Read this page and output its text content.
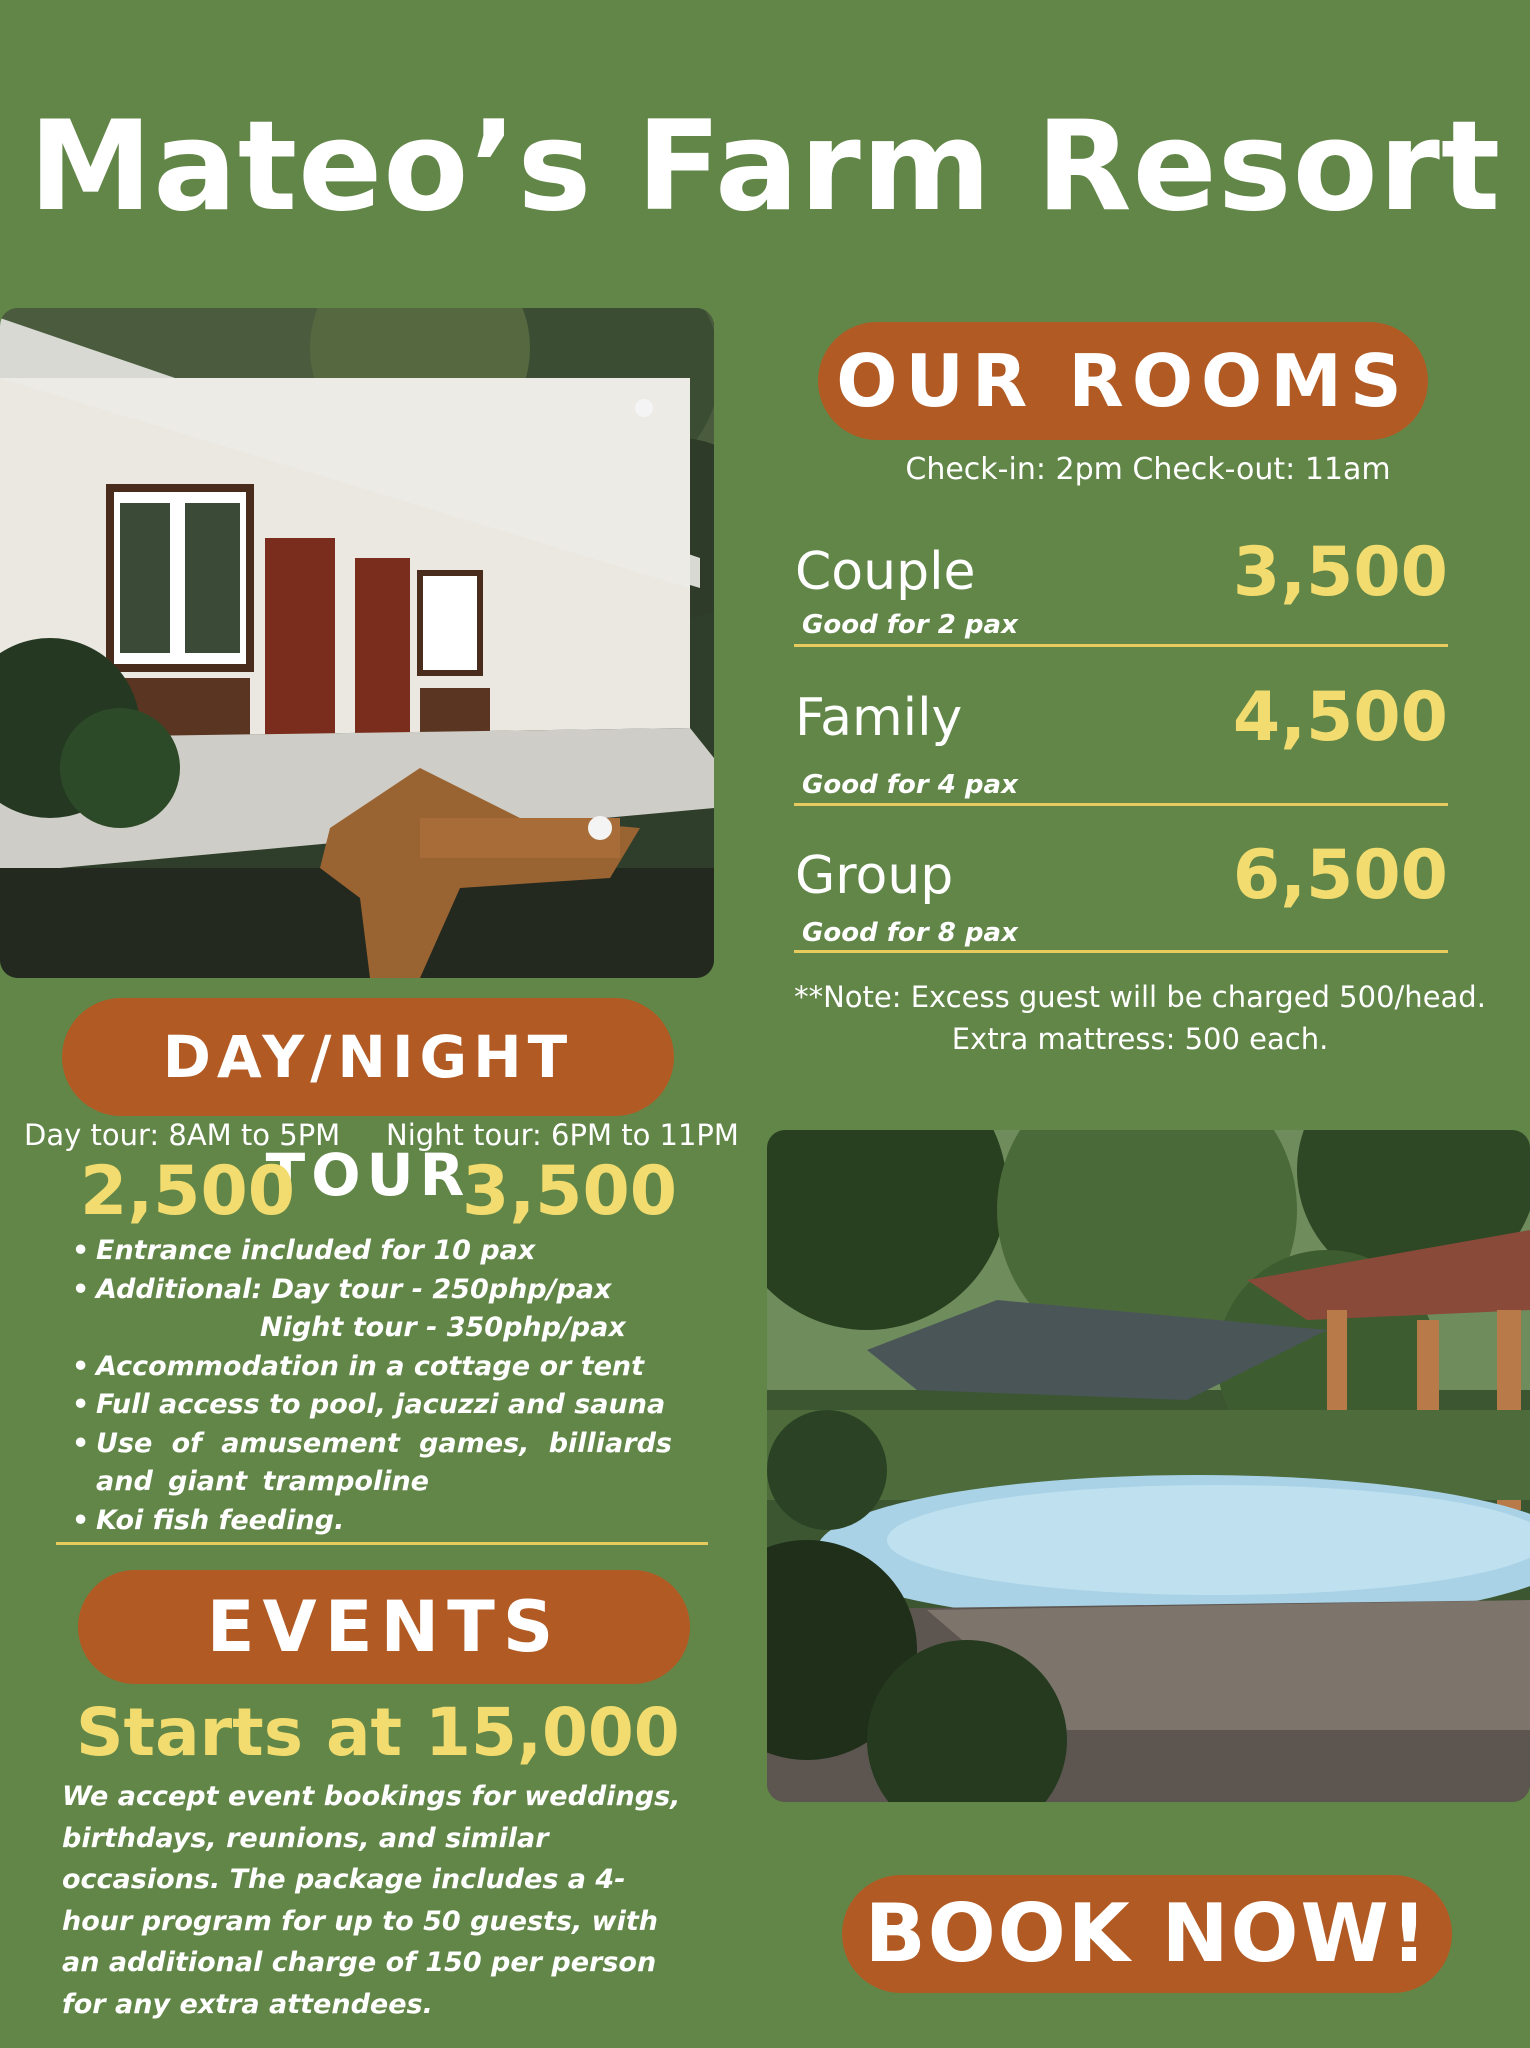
Mateo’s Farm Resort
OUR ROOMS
Check-in: 2pm Check-out: 11am
Couple	3,500
Good for 2 pax
Family	4,500
Good for 4 pax
Group	6,500
Good for 8 pax
**Note: Excess guest will be charged 500/head.
Extra mattress: 500 each.
DAY/NIGHT TOUR
Day tour: 8AM to 5PM Night tour: 6PM to 11PM
2,500 3,500
• Entrance included for 10 pax
• Additional: Day tour - 250php/pax
Night tour - 350php/pax
• Accommodation in a cottage or tent
• Full access to pool, jacuzzi and sauna
• Use of amusement games, billiards and giant trampoline
• Koi fish feeding.
EVENTS
Starts at 15,000
We accept event bookings for weddings, birthdays, reunions, and similar occasions. The package includes a 4-hour program for up to 50 guests, with an additional charge of 150 per person for any extra attendees.
BOOK NOW!
